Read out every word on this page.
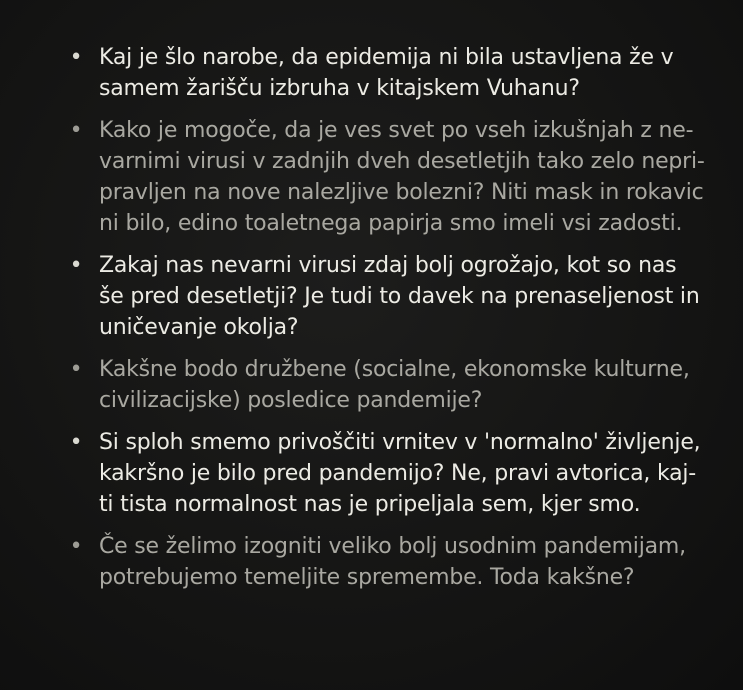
• Kaj je šlo narobe, da epidemija ni bila ustavljena že v
samem žarišču izbruha v kitajskem Vuhanu?
• Kako je mogoče, da je ves svet po vseh izkušnjah z ne-
varnimi virusi v zadnjih dveh desetletjih tako zelo nepri-
pravljen na nove nalezljive bolezni? Niti mask in rokavic
ni bilo, edino toaletnega papirja smo imeli vsi zadosti.
• Zakaj nas nevarni virusi zdaj bolj ogrožajo, kot so nas
še pred desetletji? Je tudi to davek na prenaseljenost in
uničevanje okolja?
• Kakšne bodo družbene (socialne, ekonomske kulturne,
civilizacijske) posledice pandemije?
• Si sploh smemo privoščiti vrnitev v 'normalno' življenje,
kakršno je bilo pred pandemijo? Ne, pravi avtorica, kaj-
ti tista normalnost nas je pripeljala sem, kjer smo.
• Če se želimo izogniti veliko bolj usodnim pandemijam,
potrebujemo temeljite spremembe. Toda kakšne?
